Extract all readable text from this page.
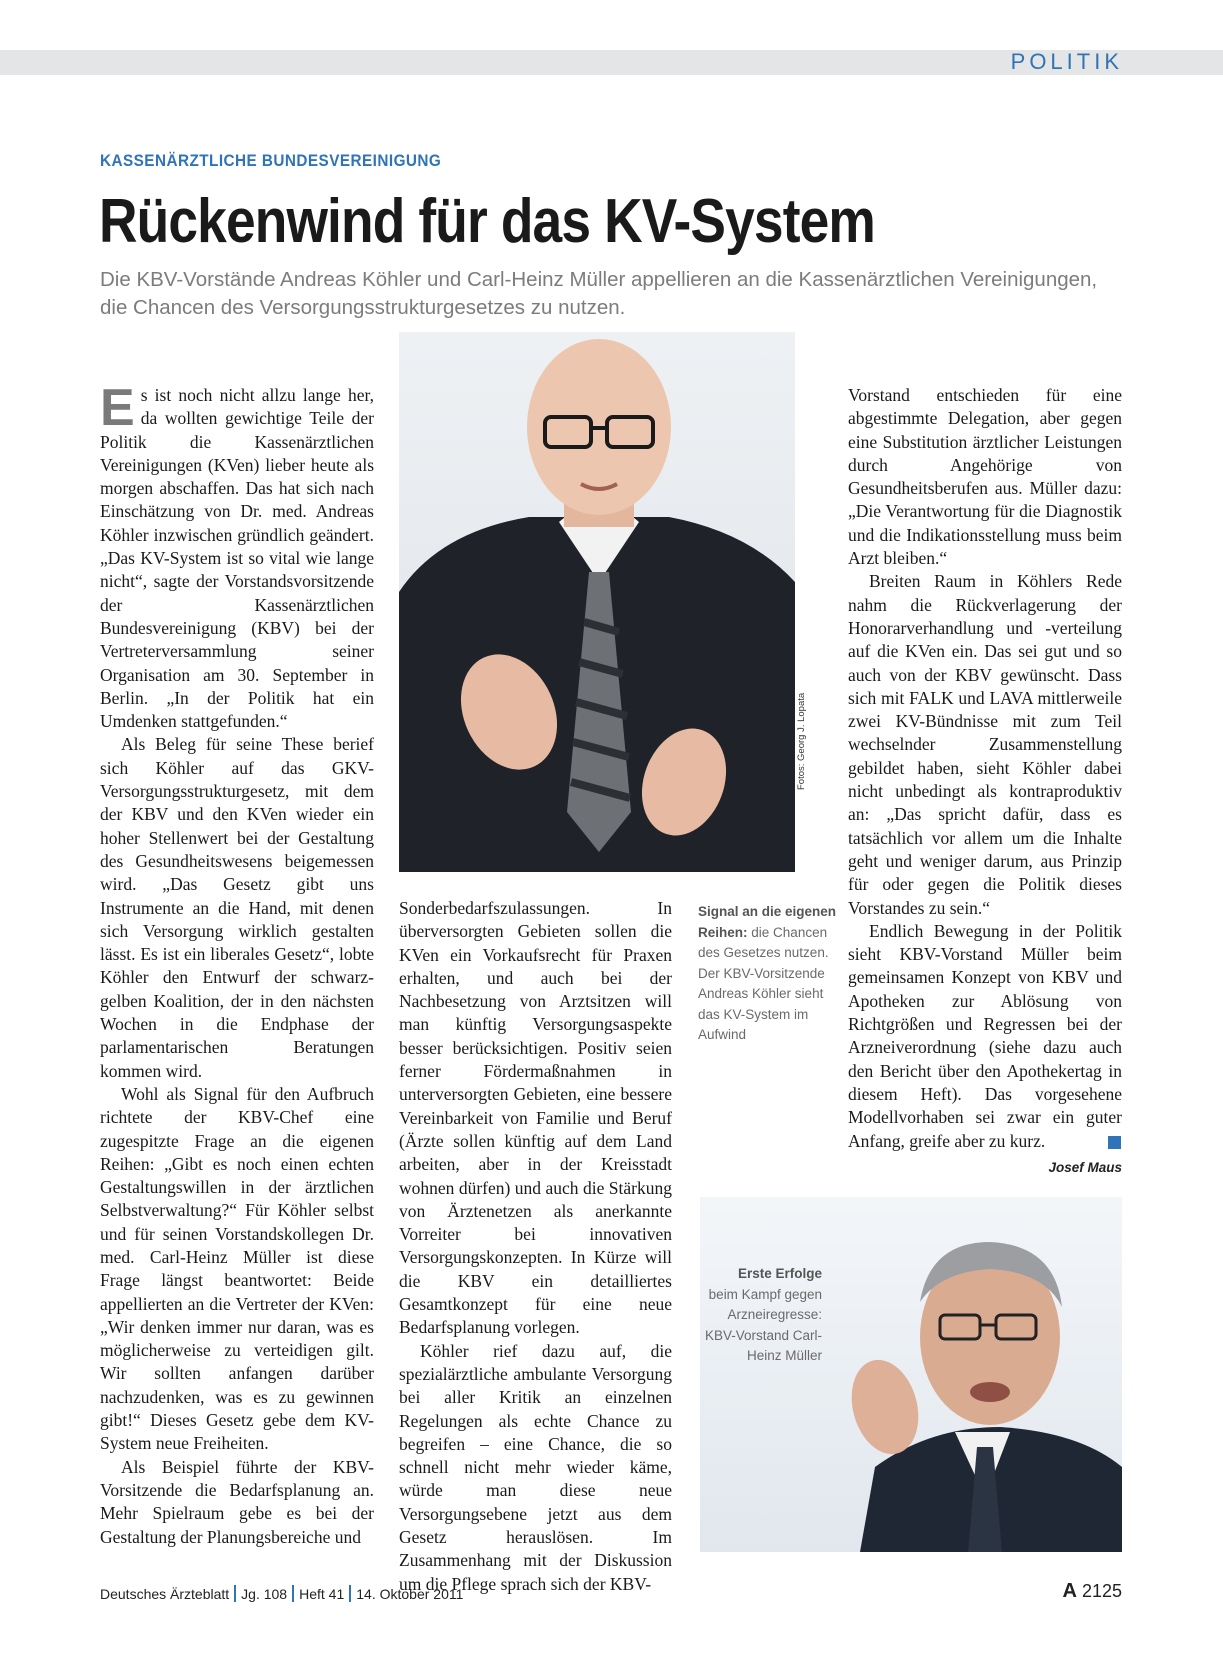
POLITIK
KASSENÄRZTLICHE BUNDESVEREINIGUNG
Rückenwind für das KV-System
Die KBV-Vorstände Andreas Köhler und Carl-Heinz Müller appellieren an die Kassenärztlichen Vereinigungen, die Chancen des Versorgungsstrukturgesetzes zu nutzen.

Es ist noch nicht allzu lange her, da wollten gewichtige Teile der Politik die Kassenärztlichen Vereinigungen (KVen) lieber heute als morgen abschaffen. Das hat sich nach Einschätzung von Dr. med. Andreas Köhler inzwischen gründlich geändert. „Das KV-System ist so vital wie lange nicht“, sagte der Vorstandsvorsitzende der Kassenärztlichen Bundesvereinigung (KBV) bei der Vertreterversammlung seiner Organisation am 30. September in Berlin. „In der Politik hat ein Umdenken stattgefunden.“

Als Beleg für seine These berief sich Köhler auf das GKV-Versorgungsstrukturgesetz, mit dem der KBV und den KVen wieder ein hoher Stellenwert bei der Gestaltung des Gesundheitswesens beigemessen wird. „Das Gesetz gibt uns Instrumente an die Hand, mit denen sich Versorgung wirklich gestalten lässt. Es ist ein liberales Gesetz“, lobte Köhler den Entwurf der schwarz-gelben Koalition, der in den nächsten Wochen in die Endphase der parlamentarischen Beratungen kommen wird.

Wohl als Signal für den Aufbruch richtete der KBV-Chef eine zugespitzte Frage an die eigenen Reihen: „Gibt es noch einen echten Gestaltungswillen in der ärztlichen Selbstverwaltung?“ Für Köhler selbst und für seinen Vorstandskollegen Dr. med. Carl-Heinz Müller ist diese Frage längst beantwortet: Beide appellierten an die Vertreter der KVen: „Wir denken immer nur daran, was es möglicherweise zu verteidigen gilt. Wir sollten anfangen darüber nachzudenken, was es zu gewinnen gibt!“ Dieses Gesetz gebe dem KV-System neue Freiheiten.

Als Beispiel führte der KBV-Vorsitzende die Bedarfsplanung an. Mehr Spielraum gebe es bei der Gestaltung der Planungsbereiche und

Fotos: Georg J. Lopata
Signal an die eigenen Reihen: die Chancen des Gesetzes nutzen. Der KBV-Vorsitzende Andreas Köhler sieht das KV-System im Aufwind

Sonderbedarfszulassungen. In überversorgten Gebieten sollen die KVen ein Vorkaufsrecht für Praxen erhalten, und auch bei der Nachbesetzung von Arztsitzen will man künftig Versorgungsaspekte besser berücksichtigen. Positiv seien ferner Fördermaßnahmen in unterversorgten Gebieten, eine bessere Vereinbarkeit von Familie und Beruf (Ärzte sollen künftig auf dem Land arbeiten, aber in der Kreisstadt wohnen dürfen) und auch die Stärkung von Ärztenetzen als anerkannte Vorreiter bei innovativen Versorgungskonzepten. In Kürze will die KBV ein detailliertes Gesamtkonzept für eine neue Bedarfsplanung vorlegen.

Köhler rief dazu auf, die spezialärztliche ambulante Versorgung bei aller Kritik an einzelnen Regelungen als echte Chance zu begreifen – eine Chance, die so schnell nicht mehr wieder käme, würde man diese neue Versorgungsebene jetzt aus dem Gesetz herauslösen. Im Zusammenhang mit der Diskussion um die Pflege sprach sich der KBV-

Vorstand entschieden für eine abgestimmte Delegation, aber gegen eine Substitution ärztlicher Leistungen durch Angehörige von Gesundheitsberufen aus. Müller dazu: „Die Verantwortung für die Diagnostik und die Indikationsstellung muss beim Arzt bleiben.“

Breiten Raum in Köhlers Rede nahm die Rückverlagerung der Honorarverhandlung und -verteilung auf die KVen ein. Das sei gut und so auch von der KBV gewünscht. Dass sich mit FALK und LAVA mittlerweile zwei KV-Bündnisse mit zum Teil wechselnder Zusammenstellung gebildet haben, sieht Köhler dabei nicht unbedingt als kontraproduktiv an: „Das spricht dafür, dass es tatsächlich vor allem um die Inhalte geht und weniger darum, aus Prinzip für oder gegen die Politik dieses Vorstandes zu sein.“

Endlich Bewegung in der Politik sieht KBV-Vorstand Müller beim gemeinsamen Konzept von KBV und Apotheken zur Ablösung von Richtgrößen und Regressen bei der Arzneiverordnung (siehe dazu auch den Bericht über den Apothekertag in diesem Heft). Das vorgesehene Modellvorhaben sei zwar ein guter Anfang, greife aber zu kurz.

Josef Maus
Erste Erfolge
beim Kampf gegen Arzneiregresse: KBV-Vorstand Carl-Heinz Müller
Deutsches Ärzteblatt Jg. 108 Heft 41 14. Oktober 2011	A 2125
